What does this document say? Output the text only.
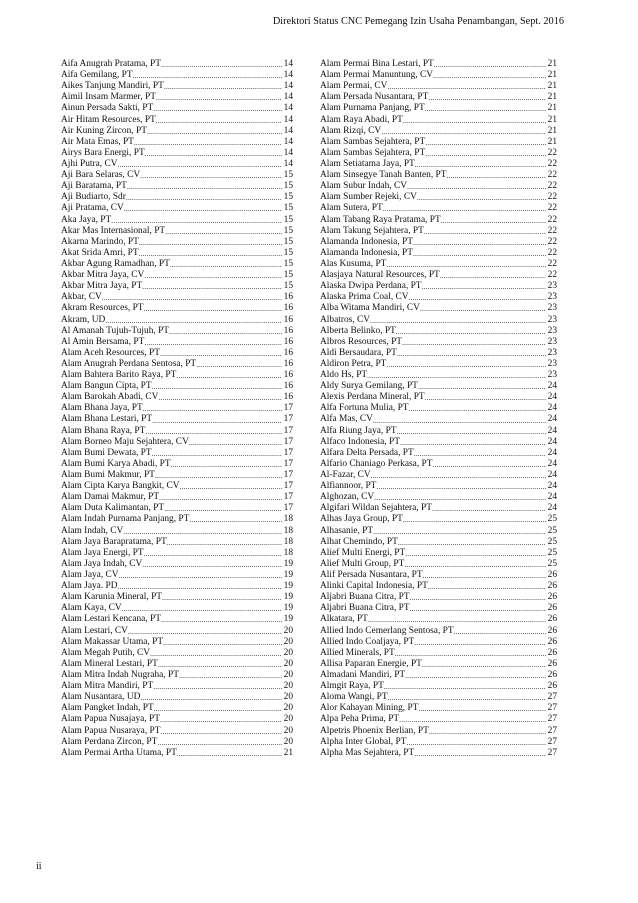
Direktori Status CNC Pemegang Izin Usaha Penambangan, Sept. 2016
Aifa Anugrah Pratama, PT .....	14
Aifa Gemilang, PT .....	14
Aikes Tanjung Mandiri, PT .....	14
Aimil Insam Marmer, PT .....	14
Ainun Persada Sakti, PT .....	14
Air Hitam Resources, PT .....	14
Air Kuning Zircon, PT .....	14
Air Mata Emas, PT .....	14
Airys Bara Energi, PT .....	14
Ajhi Putra, CV .....	14
Aji Bara Selaras, CV .....	15
Aji Baratama, PT .....	15
Aji Budiarto, Sdr .....	15
Aji Pratama, CV .....	15
Aka Jaya, PT .....	15
Akar Mas Internasional, PT .....	15
Akarna Marindo, PT .....	15
Akat Srida Amri, PT .....	15
Akbar Agung Ramadhan, PT .....	15
Akbar Mitra Jaya, CV .....	15
Akbar Mitra Jaya, PT .....	15
Akbar, CV .....	16
Akram Resources, PT .....	16
Akram, UD .....	16
Al Amanah Tujuh-Tujuh, PT .....	16
Al Amin Bersama, PT .....	16
Alam Aceh Resources, PT .....	16
Alam Anugrah Perdana Sentosa, PT .....	16
Alam Bahtera Barito Raya, PT .....	16
Alam Bangun Cipta, PT .....	16
Alam Barokah Abadi, CV .....	16
Alam Bhana Jaya, PT .....	17
Alam Bhana Lestari, PT .....	17
Alam Bhana Raya, PT .....	17
Alam Borneo Maju Sejahtera, CV .....	17
Alam Bumi Dewata, PT .....	17
Alam Bumi Karya Abadi, PT .....	17
Alam Bumi Makmur, PT .....	17
Alam Cipta Karya Bangkit, CV .....	17
Alam Damai Makmur, PT .....	17
Alam Duta Kalimantan, PT .....	17
Alam Indah Purnama Panjang, PT .....	18
Alam Indah, CV .....	18
Alam Jaya Barapratama, PT .....	18
Alam Jaya Energi, PT .....	18
Alam Jaya Indah, CV .....	19
Alam Jaya, CV .....	19
Alam Jaya. PD .....	19
Alam Karunia Mineral, PT .....	19
Alam Kaya, CV .....	19
Alam Lestari Kencana, PT .....	19
Alam Lestari, CV .....	20
Alam Makassar Utama, PT .....	20
Alam Megah Putih, CV .....	20
Alam Mineral Lestari, PT .....	20
Alam Mitra Indah Nugraha, PT .....	20
Alam Mitra Mandiri, PT .....	20
Alam Nusantara, UD .....	20
Alam Pangket Indah, PT .....	20
Alam Papua Nusajaya, PT .....	20
Alam Papua Nusaraya, PT .....	20
Alam Perdana Zircon, PT .....	20
Alam Permai Artha Utama, PT .....	21
Alam Permai Bina Lestari, PT .....	21
Alam Permai Manuntung, CV .....	21
Alam Permai, CV .....	21
Alam Persada Nusantara, PT .....	21
Alam Purnama Panjang, PT .....	21
Alam Raya Abadi, PT .....	21
Alam Rizqi, CV .....	21
Alam Sambas Sejahtera, PT .....	21
Alam Sambas Sejahtera, PT .....	22
Alam Setiatama Jaya, PT .....	22
Alam Sinsegye Tanah Banten, PT .....	22
Alam Subur Indah, CV .....	22
Alam Sumber Rejeki, CV .....	22
Alam Sutera, PT .....	22
Alam Tabang Raya Pratama, PT .....	22
Alam Takung Sejahtera, PT .....	22
Alamanda Indonesia, PT .....	22
Alamanda Indonesia, PT .....	22
Alas Kusuma, PT .....	22
Alasjaya Natural Resources, PT .....	22
Alaska Dwipa Perdana, PT .....	23
Alaska Prima Coal, CV .....	23
Alba Witama Mandiri, CV .....	23
Albatros, CV .....	23
Alberta Belinko, PT .....	23
Albros Resources, PT .....	23
Aldi Bersaudara, PT .....	23
Aldiron Petra, PT .....	23
Aldo Hs, PT .....	23
Aldy Surya Gemilang, PT .....	24
Alexis Perdana Mineral, PT .....	24
Alfa Fortuna Mulia, PT .....	24
Alfa Mas, CV .....	24
Alfa Riung Jaya, PT .....	24
Alfaco Indonesia, PT .....	24
Alfara Delta Persada, PT .....	24
Alfario Chaniago Perkasa, PT .....	24
Al-Fazar, CV .....	24
Alfiannoor, PT .....	24
Alghozan, CV .....	24
Algifari Wildan Sejahtera, PT .....	24
Alhas Jaya Group, PT .....	25
Alhasanie, PT .....	25
Alhat Chemindo, PT .....	25
Alief Multi Energi, PT .....	25
Alief Multi Group, PT .....	25
Alif Persada Nusantara, PT .....	26
Alinki Capital Indonesia, PT .....	26
Aljabri Buana Citra, PT .....	26
Aljabri Buana Citra, PT .....	26
Alkatara, PT .....	26
Allied Indo Cemerlang Sentosa, PT .....	26
Allied Indo Coaljaya, PT .....	26
Allied Minerals, PT .....	26
Allisa Paparan Energie, PT .....	26
Almadani Mandiri, PT .....	26
Almgit Raya, PT .....	26
Aloma Wangi, PT .....	27
Alor Kahayan Mining, PT .....	27
Alpa Peha Prima, PT .....	27
Alpetris Phoenix Berlian, PT .....	27
Alpha Inter Global, PT .....	27
Alpha Mas Sejahtera, PT .....	27
ii
